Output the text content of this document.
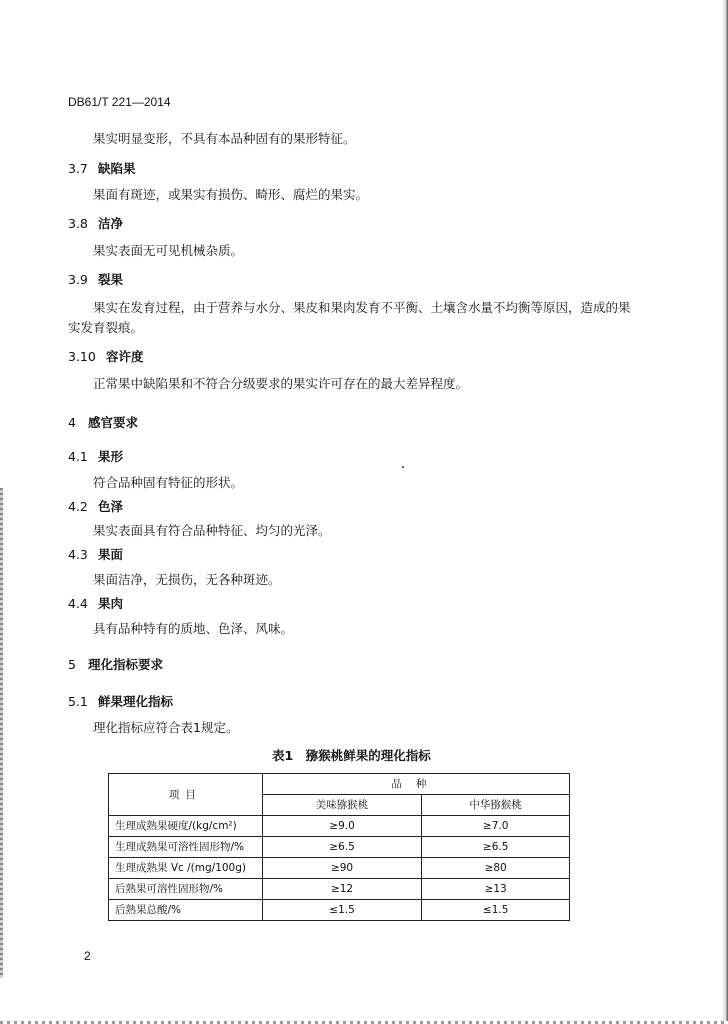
DB61/T 221—2014
果实明显变形，不具有本品种固有的果形特征。
3.7 缺陷果
果面有斑迹，或果实有损伤、畸形、腐烂的果实。
3.8 洁净
果实表面无可见机械杂质。
3.9 裂果
果实在发育过程，由于营养与水分、果皮和果肉发育不平衡、土壤含水量不均衡等原因，造成的果
实发育裂痕。
3.10 容许度
正常果中缺陷果和不符合分级要求的果实许可存在的最大差异程度。
4 感官要求
4.1 果形
符合品种固有特征的形状。
4.2 色泽
果实表面具有符合品种特征、均匀的光泽。
4.3 果面
果面洁净，无损伤，无各种斑迹。
4.4 果肉
具有品种特有的质地、色泽、风味。
5 理化指标要求
5.1 鲜果理化指标
理化指标应符合表1规定。
表1　猕猴桃鲜果的理化指标
项目	品种	
	美味猕猴桃	中华猕猴桃
生理成熟果硬度/(kg/cm²)	≥9.0	≥7.0
生理成熟果可溶性固形物/%	≥6.5	≥6.5
生理成熟果 Vc /(mg/100g)	≥90	≥80
后熟果可溶性固形物/%	≥12	≥13
后熟果总酸/%	≤1.5	≤1.5
2
